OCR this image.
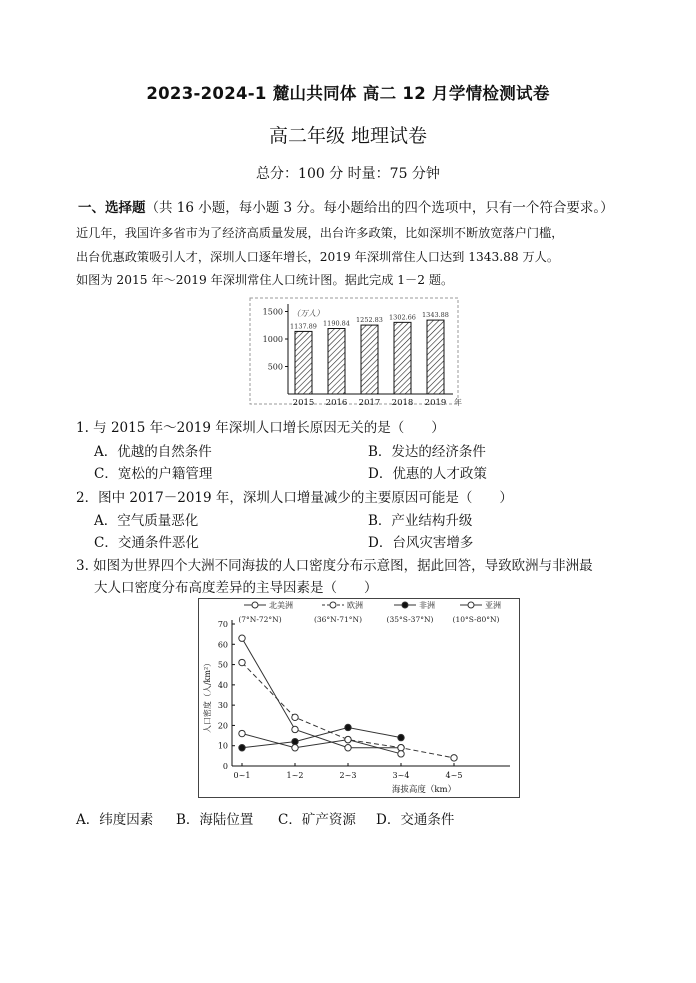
2023-2024-1 麓山共同体 高二 12 月学情检测试卷
高二年级 地理试卷
总分：100 分 时量：75 分钟
一、选择题（共 16 小题，每小题 3 分。每小题给出的四个选项中，只有一个符合要求。）
近几年，我国许多省市为了经济高质量发展，出台许多政策，比如深圳不断放宽落户门槛，
出台优惠政策吸引人才，深圳人口逐年增长，2019 年深圳常住人口达到 1343.88 万人。
如图为 2015 年～2019 年深圳常住人口统计图。据此完成 1－2 题。
500
1000
1500 （万人）
年
1137.89
2015
1190.84
2016
1252.83
2017
1302.66
2018
1343.88
2019
1. 与 2015 年～2019 年深圳人口增长原因无关的是（　　）
A．优越的自然条件	B．发达的经济条件
C．宽松的户籍管理	D．优惠的人才政策
2．图中 2017－2019 年，深圳人口增量减少的主要原因可能是（　　）
A．空气质量恶化	B．产业结构升级
C．交通条件恶化	D．台风灾害增多
3. 如图为世界四个大洲不同海拔的人口密度分布示意图，据此回答，导致欧洲与非洲最
大人口密度分布高度差异的主导因素是（　　）
北美洲
(7°N-72°N)
欧洲
(36°N-71°N)
非洲
(35°S-37°N)
亚洲
(10°S-80°N)
0
10
20
30
40
50
60
70
0~1	1~2	2~3	3~4	4~5
海拔高度（km）
人口密度（人/km²）
A．纬度因素 B．海陆位置 C．矿产资源 D．交通条件
